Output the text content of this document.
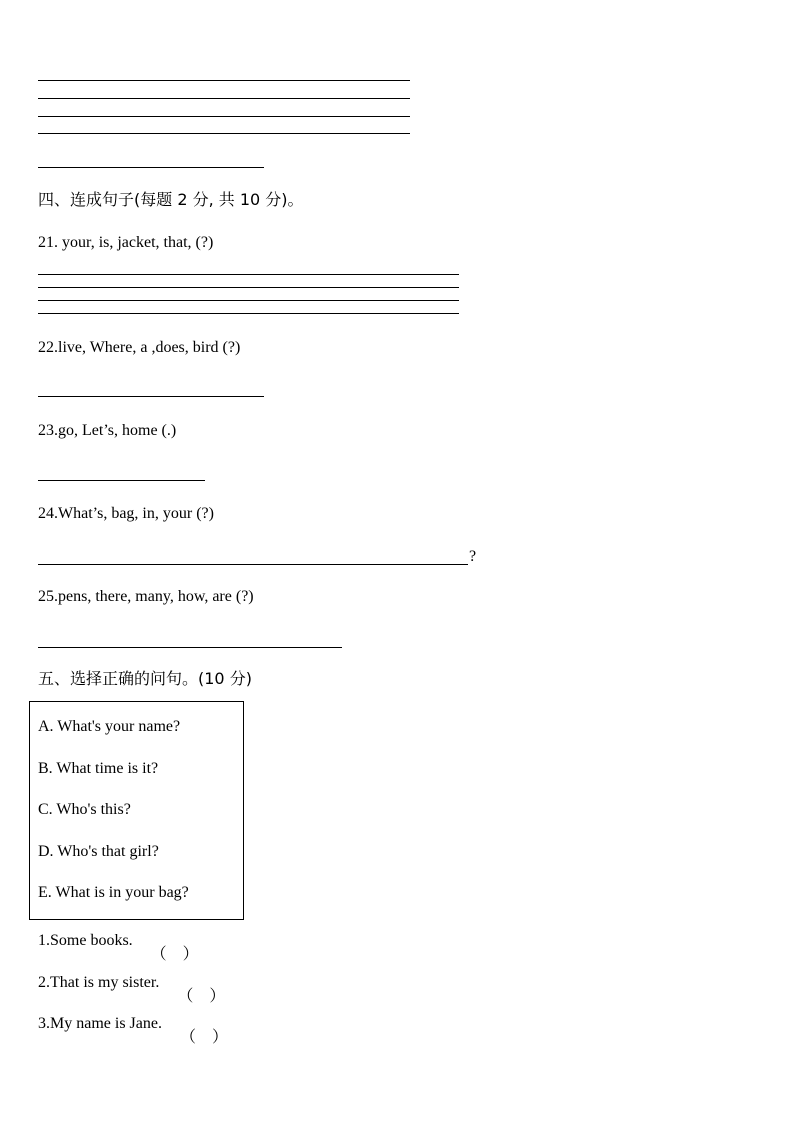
四、连成句子(每题 2 分, 共 10 分)。
21. your, is, jacket, that, (?)
22.live, Where, a ,does, bird (?)
23.go, Let’s, home (.)
24.What’s, bag, in, your (?)
?
25.pens, there, many, how, are (?)
五、选择正确的问句。(10 分)
A. What's your name?
B. What time is it?
C. Who's this?
D. Who's that girl?
E. What is in your bag?
1.Some books.
（ ）
2.That is my sister.
（ ）
3.My name is Jane.
（ ）
